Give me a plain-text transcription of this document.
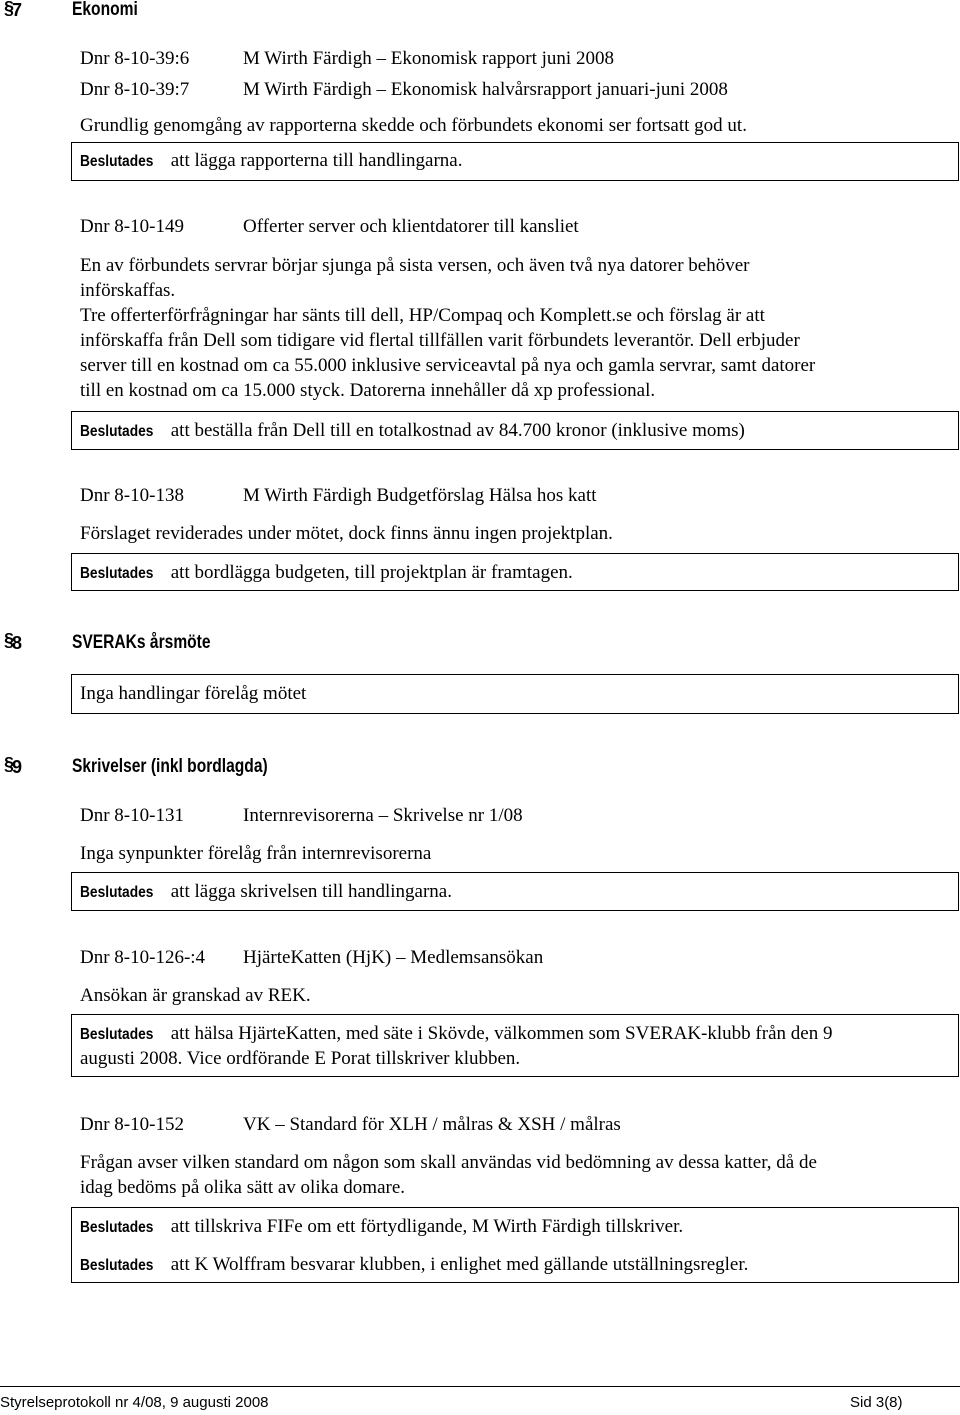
§
7	Ekonomi
Dnr 8-10-39:6	M Wirth Färdigh – Ekonomisk rapport juni 2008
Dnr 8-10-39:7	M Wirth Färdigh – Ekonomisk halvårsrapport januari-juni 2008
Grundlig genomgång av rapporterna skedde och förbundets ekonomi ser fortsatt god ut.
Beslutades att lägga rapporterna till handlingarna.
Dnr 8-10-149	Offerter server och klientdatorer till kansliet
En av förbundets servrar börjar sjunga på sista versen, och även två nya datorer behöver
införskaffas.
Tre offerterförfrågningar har sänts till dell, HP/Compaq och Komplett.se och förslag är att
införskaffa från Dell som tidigare vid flertal tillfällen varit förbundets leverantör. Dell erbjuder
server till en kostnad om ca 55.000 inklusive serviceavtal på nya och gamla servrar, samt datorer
till en kostnad om ca 15.000 styck. Datorerna innehåller då xp professional.
Beslutades att beställa från Dell till en totalkostnad av 84.700 kronor (inklusive moms)
Dnr 8-10-138	M Wirth Färdigh Budgetförslag Hälsa hos katt
Förslaget reviderades under mötet, dock finns ännu ingen projektplan.
Beslutades att bordlägga budgeten, till projektplan är framtagen.
§
8	SVERAKs årsmöte
Inga handlingar förelåg mötet
§
9	Skrivelser (inkl bordlagda)
Dnr 8-10-131	Internrevisorerna – Skrivelse nr 1/08
Inga synpunkter förelåg från internrevisorerna
Beslutades att lägga skrivelsen till handlingarna.
Dnr 8-10-126-:4 HjärteKatten (HjK) – Medlemsansökan
Ansökan är granskad av REK.
Beslutades att hälsa HjärteKatten, med säte i Skövde, välkommen som SVERAK-klubb från den 9
augusti 2008. Vice ordförande E Porat tillskriver klubben.
Dnr 8-10-152	VK – Standard för XLH / målras & XSH / målras
Frågan avser vilken standard om någon som skall användas vid bedömning av dessa katter, då de
idag bedöms på olika sätt av olika domare.
Beslutades att tillskriva FIFe om ett förtydligande, M Wirth Färdigh tillskriver.
Beslutades att K Wolffram besvarar klubben, i enlighet med gällande utställningsregler.
Styrelseprotokoll nr 4/08, 9 augusti 2008	Sid 3(8)
